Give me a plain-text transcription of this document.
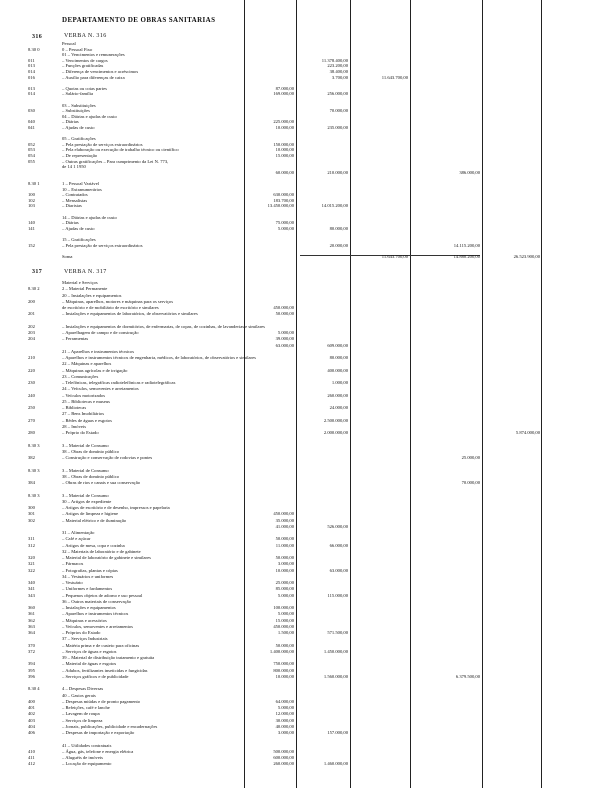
316
DEPARTAMENTO DE OBRAS SANITARIAS
VERBA N. 316
317	VERBA N. 317
Pessoal
8.30 0	0 – Pessoal Fixo
01 – Vencimentos e remunerações
011	– Vencimentos de cargos	11.378.400,00
013	– Funções gratificadas	223.200,00
014	– Diferença de vencimentos e acréscimos	38.400,00
016	– Auxílio para diferenças de caixa	3.700,00	11.643.700,00
013	– Quotas ou cotas partes	87.000,00
014	– Salário-família	169.000,00	256.000,00
03 – Substituições
030	– Substituições	70.000,00
04 – Diárias e ajudas de custo
040	– Diárias	225.000,00
041	– Ajudas de custo	10.000,00	235.000,00
05 – Gratificações
052	– Pela prestação de serviços extraordinários	150.000,00
053	– Pela elaboração ou execução de trabalho técnico ou científico	10.000,00
054	– De representação	15.000,00
055	– Outras gratificações – Para cumprimento da Lei N. 773,
de 14 1 1950
60.000,00	210.000,00	386.000,00
8.30 1	1 – Pessoal Variável
10 – Extranumerários
100	– Contratados	630.000,00
102	– Mensalistas	183.700,00
103	– Diaristas	13.450.000,00	14.015.200,00
14 – Diárias e ajudas de custo
140	– Diárias	75.000,00
141	– Ajudas de custo	5.000,00	80.000,00
15 – Gratificações
152	– Pela prestação de serviços extraordinários	20.000,00	14.115.200,00
Soma	11.643.700,00	14.880.200,00	26.523.900,00
Material e Serviços
8.30 2	2 – Material Permanente
20 – Instalações e equipamentos
200	– Máquinas, aparelhos, motores e máquinas para os serviços
de escritório e de mobiliário de escritório e similares	450.000,00
201	– Instalações e equipamentos de laboratórios, de observatórios e similares	50.000,00
202	– Instalações e equipamentos de dormitórios, de enfermarias, de copas, de cozinhas, de lavanderias e similares
203	– Aparelhagem de campo e de construção	5.000,00
204	– Ferramentas	39.000,00
63.000,00	609.000,00
21 – Aparelhos e instrumentos técnicos
210	– Aparelhos e instrumentos técnicos de engenharia, médicos, de laboratórios, de observatórios e similares	80.000,00
22 – Máquinas e aparelhos
220	– Máquinas agrícolas e de irrigação	400.000,00
23 – Comunicações
230	– Telefônicas, telegráficas radiotelefônicas e radiotelegráficas	1.000,00
24 – Veículos, semoventes e arreiamentos
240	– Veículos motorizados	260.000,00
25 – Bibliotecas e museus
250	– Bibliotecas	24.000,00
27 – Bens Imobiliários
270	– Rêdes de águas e esgotos	2.500.000,00
28 – Imóveis
280	– Próprio do Estado	2.000.000,00	5.874.000,00
8.30 3	3 – Material de Consumo
38 – Obras de domínio público
382	– Construção e conservação de rodovias e pontes	25.000,00
8.30 3	3 – Material de Consumo
38 – Obras de domínio público
384	– Obras de rios e canais e sua conservação	70.000,00
8.30 3	3 – Material de Consumo
30 – Artigos de expediente
300	– Artigos de escritório e de desenho, impressos e papelaria
301	– Artigos de limpeza e higiene	450.000,00
302	– Material elétrico e de iluminação	35.000,00
41.000,00	526.000,00
31 – Alimentação
311	– Café e açúcar	50.000,00
312	– Artigos de mesa, copa e cozinha	11.000,00	66.000,00
32 – Materiais de laboratório e de gabinete
320	– Material de laboratório de gabinete e similares	50.000,00
321	– Fármacos	3.000,00
322	– Fotografias, plantas e cópias	10.000,00	63.000,00
34 – Vestuários e uniformes
340	– Vestuário	25.000,00
341	– Uniformes e fardamentos	85.000,00
343	– Pequenos objetos de adorno e uso pessoal	5.000,00	115.000,00
36 – Outros materiais de conservação
360	– Instalações e equipamentos	100.000,00
361	– Aparelhos e instrumentos técnicos	5.000,00
362	– Máquinas e acessórios	15.000,00
363	– Veículos, semoventes e arreiamentos	450.000,00
364	– Próprios do Estado	1.500,00	571.500,00
37 – Serviços Industriais
370	– Matéria prima e de custeio para oficinas	50.000,00
372	– Serviços de águas e esgotos	1.400.000,00	1.450.000,00
39 – Material de distribuição tratamento e gratuita
394	– Material de águas e esgotos	750.000,00
395	– Adubos, fertilizantes inseticidas e fungicidas	800.000,00
396	– Serviços gráficos e de publicidade	10.000,00	1.560.000,00	6.379.500,00
8.30 4	4 – Despesas Diversas
40 – Gastos gerais
400	– Despesas miúdas e de pronto pagamento	64.000,00
401	– Refeições, café e lanche	5.000,00
402	– Lavagem de roupa	12.000,00
403	– Serviços de limpeza	30.000,00
404	– Jornais, publicações, publicidade e encadernações	40.000,00
406	– Despesas de importação e exportação	3.000,00	157.000,00
41 – Utilidades contratuais
410	– Água, gás, telefone e energia elétrica	500.000,00
411	– Aluguéis de imóveis	600.000,00
412	– Locação de equipamento	260.000,00	1.460.000,00
